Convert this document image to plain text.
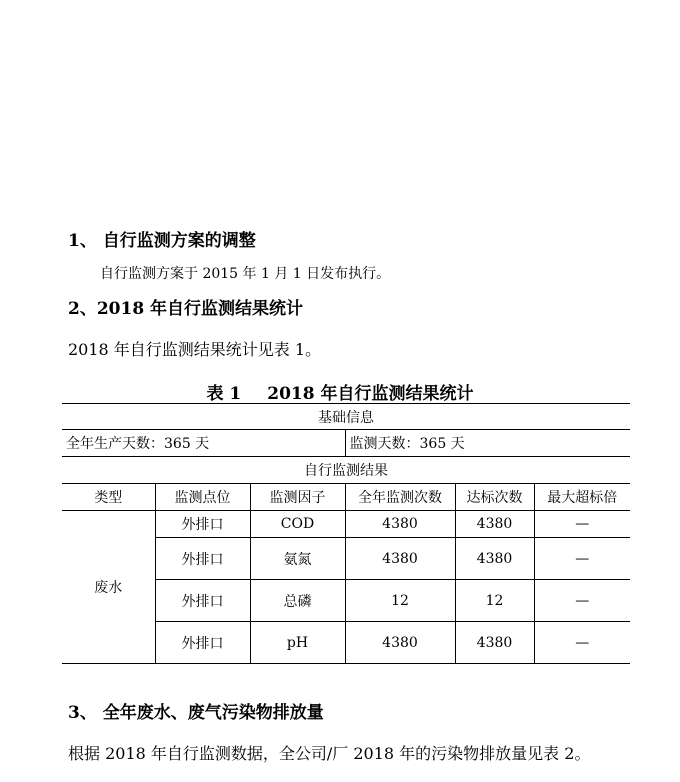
1、 自行监测方案的调整
自行监测方案于 2015 年 1 月 1 日发布执行。
2、2018 年自行监测结果统计
2018 年自行监测结果统计见表 1。
表 1 2018 年自行监测结果统计
基础信息					
全年生产天数：365 天			监测天数：365 天		
自行监测结果					
类型	监测点位	监测因子	全年监测次数	达标次数	最大超标倍
废水	外排口	COD	4380	4380	—
	外排口	氨氮	4380	4380	—
	外排口	总磷	12	12	—
	外排口	pH	4380	4380	—
3、 全年废水、废气污染物排放量
根据 2018 年自行监测数据，全公司/厂 2018 年的污染物排放量见表 2。
